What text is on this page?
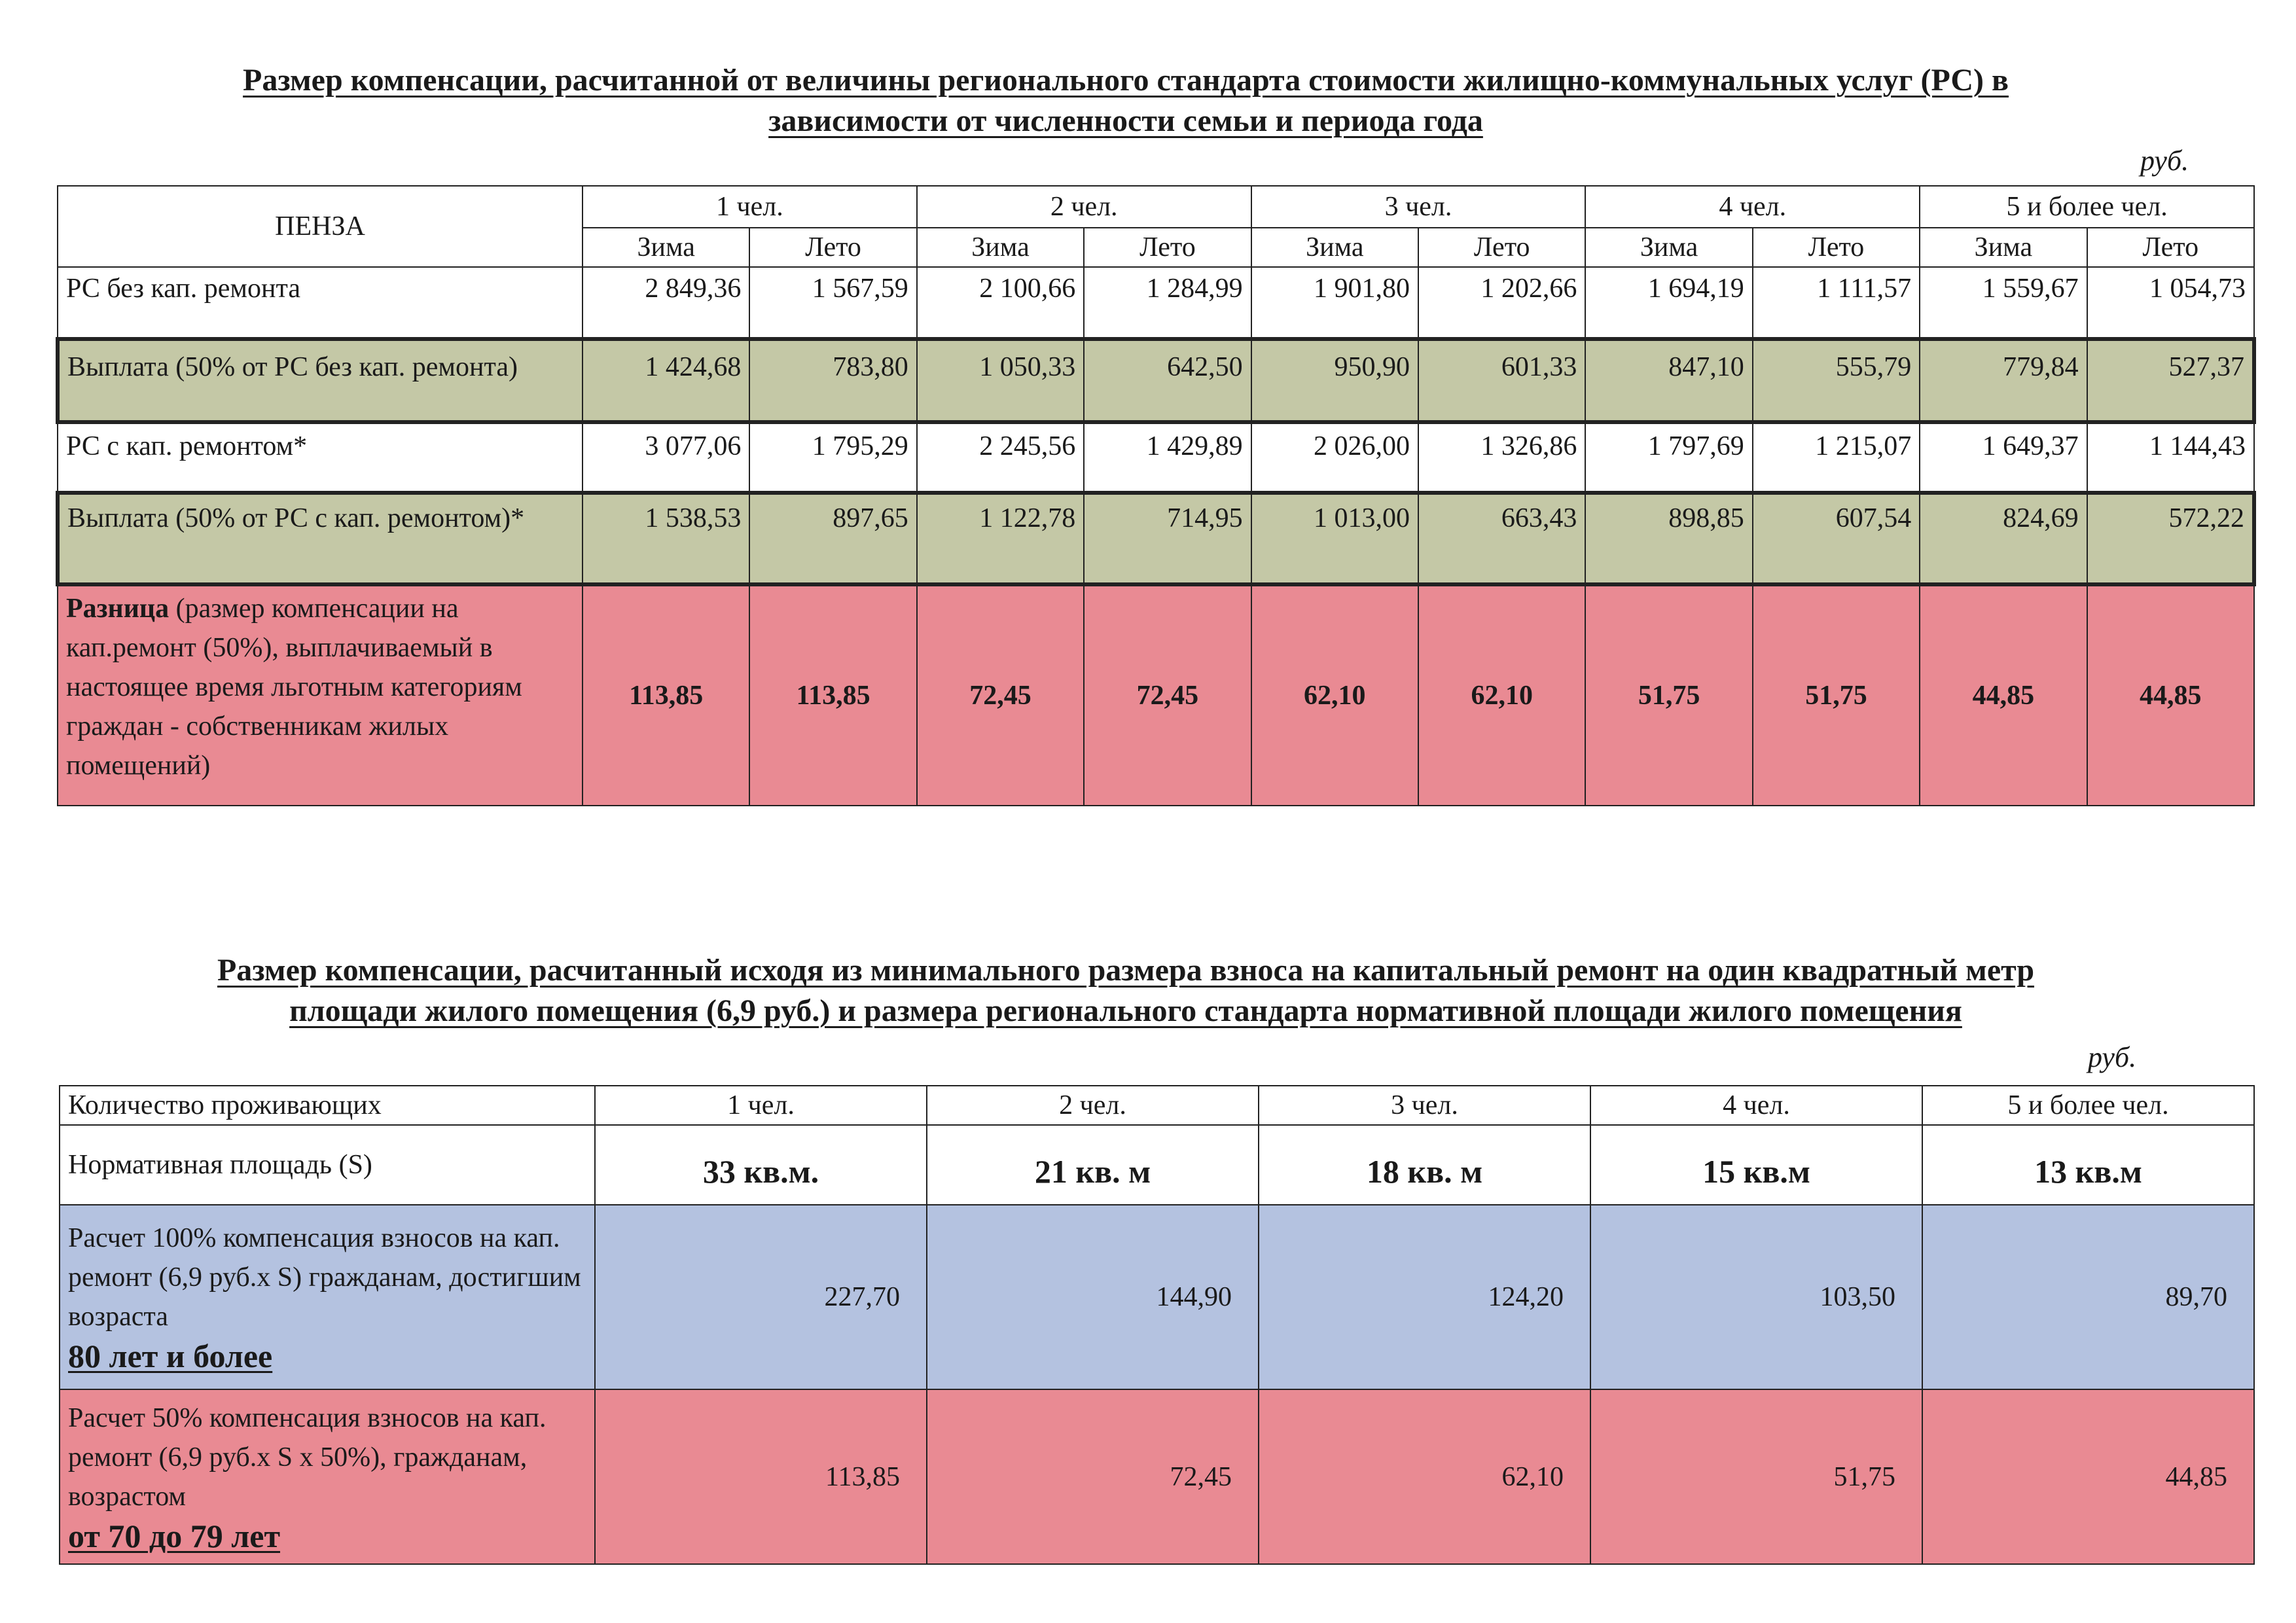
Размер компенсации, расчитанной от величины регионального стандарта стоимости жилищно-коммунальных услуг (РС) в
зависимости от численности семьи и периода года
руб.
ПЕНЗА	1 чел.		2 чел.		3 чел.		4 чел.		5 и более чел.	
	Зима	Лето	Зима	Лето	Зима	Лето	Зима	Лето	Зима	Лето
РС без кап. ремонта	2 849,36	1 567,59	2 100,66	1 284,99	1 901,80	1 202,66	1 694,19	1 111,57	1 559,67	1 054,73
Выплата (50% от РС без кап. ремонта)	1 424,68	783,80	1 050,33	642,50	950,90	601,33	847,10	555,79	779,84	527,37
РС с кап. ремонтом*	3 077,06	1 795,29	2 245,56	1 429,89	2 026,00	1 326,86	1 797,69	1 215,07	1 649,37	1 144,43
Выплата (50% от РС с кап. ремонтом)*	1 538,53	897,65	1 122,78	714,95	1 013,00	663,43	898,85	607,54	824,69	572,22
Разница (размер компенсации на кап.ремонт (50%), выплачиваемый в настоящее время льготным категориям граждан - собственникам жилых помещений)	113,85	113,85	72,45	72,45	62,10	62,10	51,75	51,75	44,85	44,85
Размер компенсации, расчитанный исходя из минимального размера взноса на капитальный ремонт на один квадратный метр
площади жилого помещения (6,9 руб.) и размера регионального стандарта нормативной площади жилого помещения
руб.
Количество проживающих	1 чел.	2 чел.	3 чел.	4 чел.	5 и более чел.
Нормативная площадь (S)	33 кв.м.	21 кв. м	18 кв. м	15 кв.м	13 кв.м
Расчет 100% компенсация взносов на кап. ремонт (6,9 руб.х S) гражданам, достигшим возраста
80 лет и более	227,70	144,90	124,20	103,50	89,70
Расчет 50% компенсация взносов на кап. ремонт (6,9 руб.х S х 50%), гражданам, возрастом
от 70 до 79 лет	113,85	72,45	62,10	51,75	44,85
